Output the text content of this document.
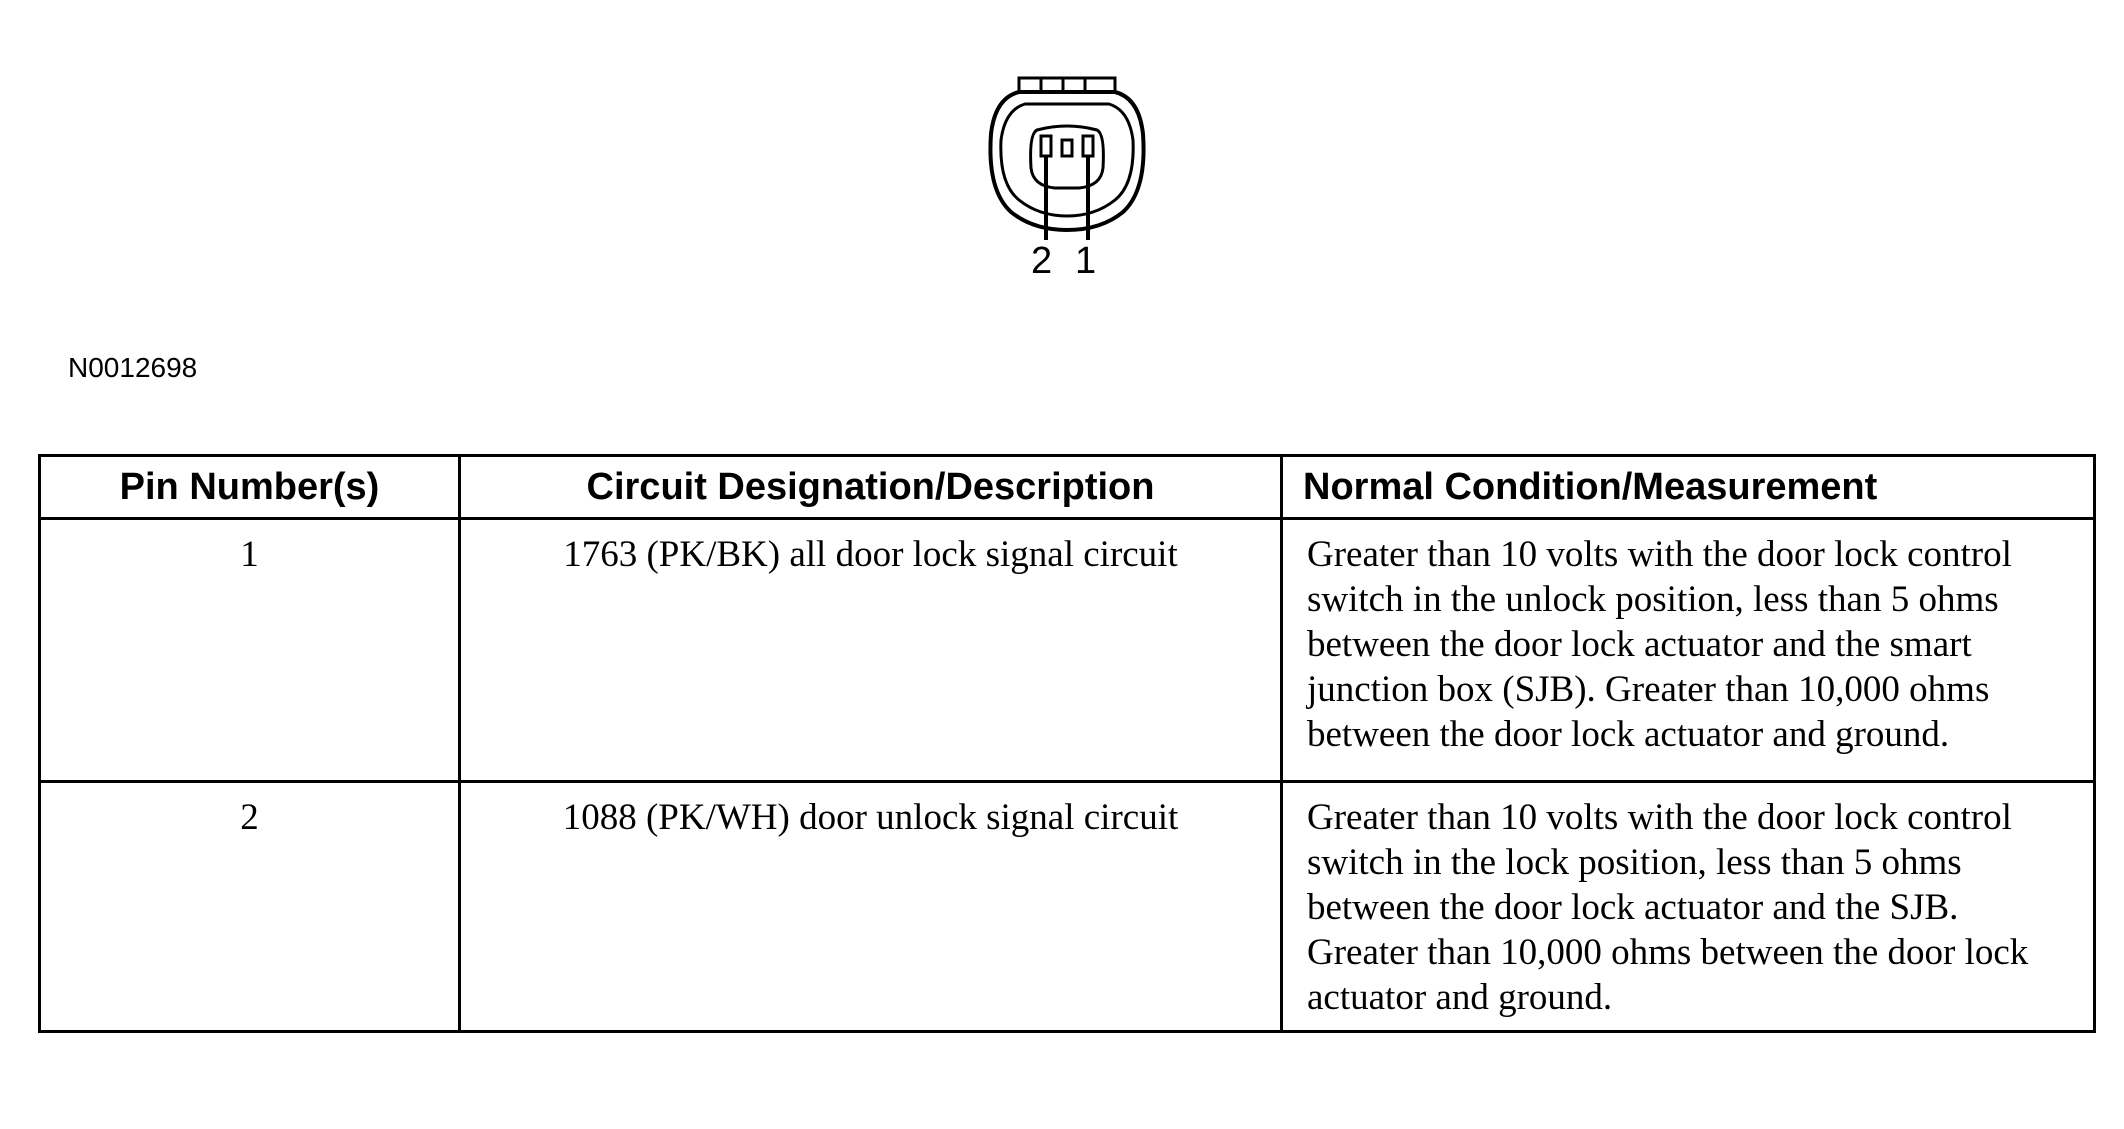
2 1
N0012698
Pin Number(s)	Circuit Designation/Description	Normal Condition/Measurement
1	1763 (PK/BK) all door lock signal circuit	Greater than 10 volts with the door lock control switch in the unlock position, less than 5 ohms between the door lock actuator and the smart junction box (SJB). Greater than 10,000 ohms between the door lock actuator and ground.
2	1088 (PK/WH) door unlock signal circuit	Greater than 10 volts with the door lock control switch in the lock position, less than 5 ohms between the door lock actuator and the SJB. Greater than 10,000 ohms between the door lock actuator and ground.
